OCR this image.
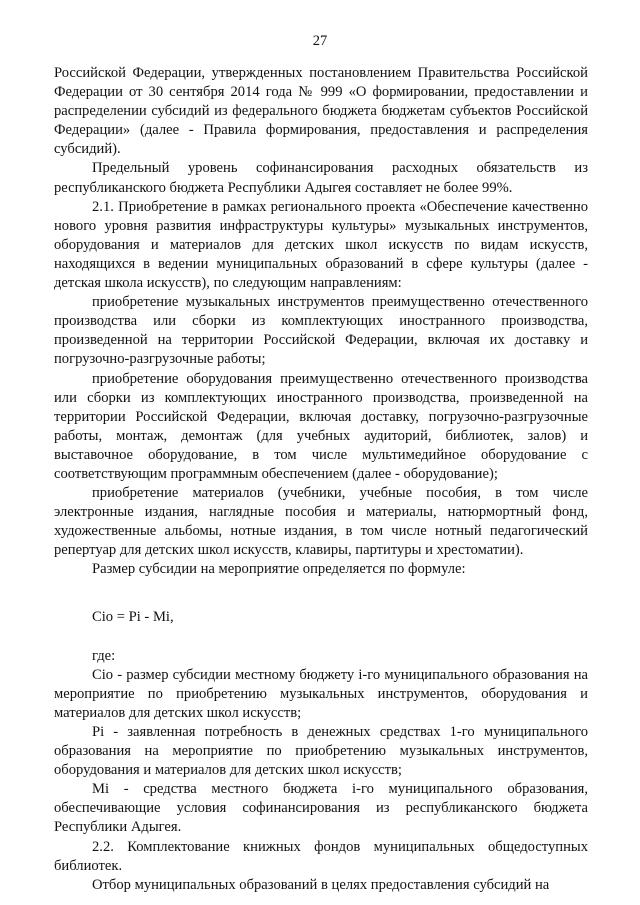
27

Российской Федерации, утвержденных постановлением Правительства Российской Федерации от 30 сентября 2014 года № 999 «О формировании, предоставлении и распределении субсидий из федерального бюджета бюджетам субъектов Российской Федерации» (далее - Правила формирования, предоставления и распределения субсидий).

Предельный уровень софинансирования расходных обязательств из республиканского бюджета Республики Адыгея составляет не более 99%.

2.1. Приобретение в рамках регионального проекта «Обеспечение качественно нового уровня развития инфраструктуры культуры» музыкальных инструментов, оборудования и материалов для детских школ искусств по видам искусств, находящихся в ведении муниципальных образований в сфере культуры (далее - детская школа искусств), по следующим направлениям:

приобретение музыкальных инструментов преимущественно отечественного производства или сборки из комплектующих иностранного производства, произведенной на территории Российской Федерации, включая их доставку и погрузочно-разгрузочные работы;

приобретение оборудования преимущественно отечественного производства или сборки из комплектующих иностранного производства, произведенной на территории Российской Федерации, включая доставку, погрузочно-разгрузочные работы, монтаж, демонтаж (для учебных аудиторий, библиотек, залов) и выставочное оборудование, в том числе мультимедийное оборудование с соответствующим программным обеспечением (далее - оборудование);

приобретение материалов (учебники, учебные пособия, в том числе электронные издания, наглядные пособия и материалы, натюрмортный фонд, художественные альбомы, нотные издания, в том числе нотный педагогический репертуар для детских школ искусств, клавиры, партитуры и хрестоматии).

Размер субсидии на мероприятие определяется по формуле:

Cio = Pi - Mi,

где:

Cio - размер субсидии местному бюджету i-го муниципального образования на мероприятие по приобретению музыкальных инструментов, оборудования и материалов для детских школ искусств;

Pi - заявленная потребность в денежных средствах 1-го муниципального образования на мероприятие по приобретению музыкальных инструментов, оборудования и материалов для детских школ искусств;

Mi - средства местного бюджета i-го муниципального образования, обеспечивающие условия софинансирования из республиканского бюджета Республики Адыгея.

2.2. Комплектование книжных фондов муниципальных общедоступных библиотек.

Отбор муниципальных образований в целях предоставления субсидий на
